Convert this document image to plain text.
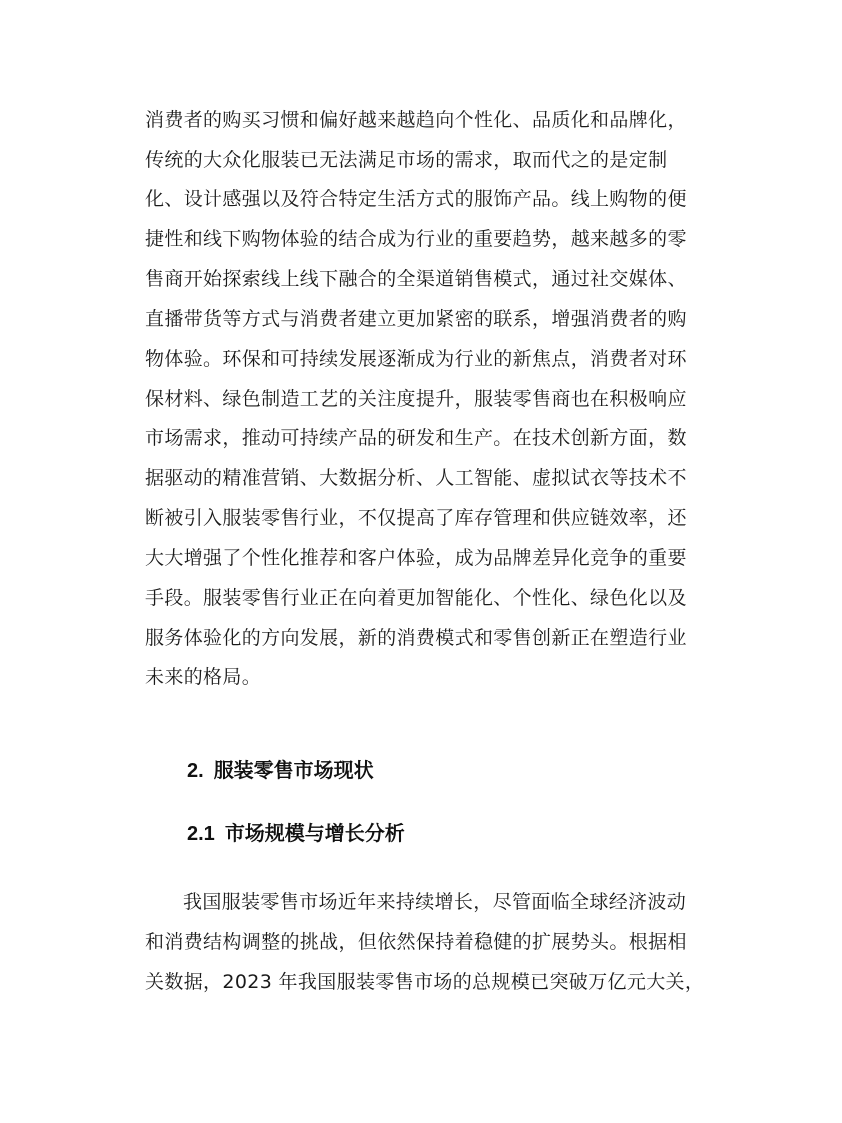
消费者的购买习惯和偏好越来越趋向个性化、品质化和品牌化，
传统的大众化服装已无法满足市场的需求，取而代之的是定制
化、设计感强以及符合特定生活方式的服饰产品。线上购物的便
捷性和线下购物体验的结合成为行业的重要趋势，越来越多的零
售商开始探索线上线下融合的全渠道销售模式，通过社交媒体、
直播带货等方式与消费者建立更加紧密的联系，增强消费者的购
物体验。环保和可持续发展逐渐成为行业的新焦点，消费者对环
保材料、绿色制造工艺的关注度提升，服装零售商也在积极响应
市场需求，推动可持续产品的研发和生产。在技术创新方面，数
据驱动的精准营销、大数据分析、人工智能、虚拟试衣等技术不
断被引入服装零售行业，不仅提高了库存管理和供应链效率，还
大大增强了个性化推荐和客户体验，成为品牌差异化竞争的重要
手段。服装零售行业正在向着更加智能化、个性化、绿色化以及
服务体验化的方向发展，新的消费模式和零售创新正在塑造行业
未来的格局。
2. 服装零售市场现状
2.1 市场规模与增长分析
我国服装零售市场近年来持续增长，尽管面临全球经济波动
和消费结构调整的挑战，但依然保持着稳健的扩展势头。根据相
关数据，2023 年我国服装零售市场的总规模已突破万亿元大关，
